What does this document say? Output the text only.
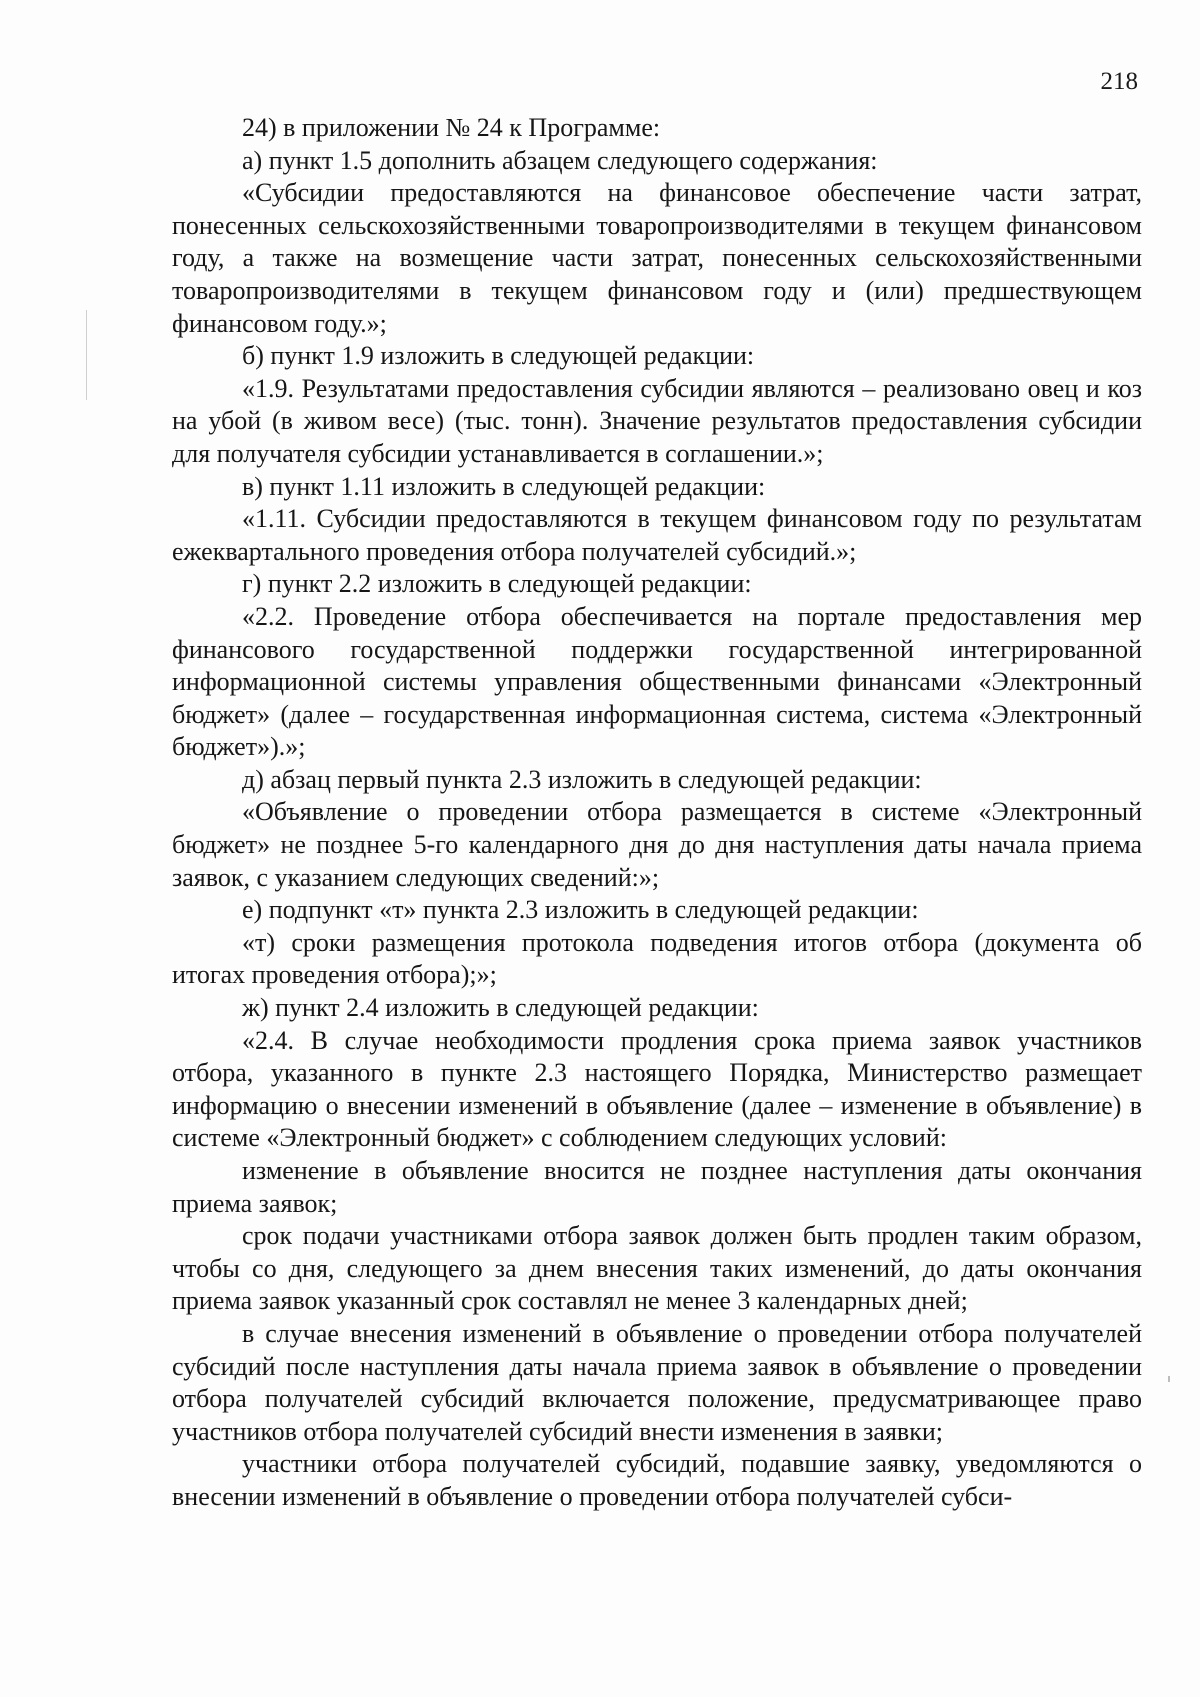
218

24) в приложении № 24 к Программе:

а) пункт 1.5 дополнить абзацем следующего содержания:

«Субсидии предоставляются на финансовое обеспечение части затрат, понесенных сельскохозяйственными товаропроизводителями в текущем финансовом году, а также на возмещение части затрат, понесенных сельскохозяйственными товаропроизводителями в текущем финансовом году и (или) предшествующем финансовом году.»;

б) пункт 1.9 изложить в следующей редакции:

«1.9. Результатами предоставления субсидии являются – реализовано овец и коз на убой (в живом весе) (тыс. тонн). Значение результатов предоставления субсидии для получателя субсидии устанавливается в соглашении.»;

в) пункт 1.11 изложить в следующей редакции:

«1.11. Субсидии предоставляются в текущем финансовом году по результатам ежеквартального проведения отбора получателей субсидий.»;

г) пункт 2.2 изложить в следующей редакции:

«2.2. Проведение отбора обеспечивается на портале предоставления мер финансового государственной поддержки государственной интегрированной информационной системы управления общественными финансами «Электронный бюджет» (далее – государственная информационная система, система «Электронный бюджет»).»;

д) абзац первый пункта 2.3 изложить в следующей редакции:

«Объявление о проведении отбора размещается в системе «Электронный бюджет» не позднее 5-го календарного дня до дня наступления даты начала приема заявок, с указанием следующих сведений:»;

е) подпункт «т» пункта 2.3 изложить в следующей редакции:

«т) сроки размещения протокола подведения итогов отбора (документа об итогах проведения отбора);»;

ж) пункт 2.4 изложить в следующей редакции:

«2.4. В случае необходимости продления срока приема заявок участников отбора, указанного в пункте 2.3 настоящего Порядка, Министерство размещает информацию о внесении изменений в объявление (далее – изменение в объявление) в системе «Электронный бюджет» с соблюдением следующих условий:

изменение в объявление вносится не позднее наступления даты окончания приема заявок;

срок подачи участниками отбора заявок должен быть продлен таким образом, чтобы со дня, следующего за днем внесения таких изменений, до даты окончания приема заявок указанный срок составлял не менее 3 календарных дней;

в случае внесения изменений в объявление о проведении отбора получателей субсидий после наступления даты начала приема заявок в объявление о проведении отбора получателей субсидий включается положение, предусматривающее право участников отбора получателей субсидий внести изменения в заявки;

участники отбора получателей субсидий, подавшие заявку, уведомляются о внесении изменений в объявление о проведении отбора получателей субси-
